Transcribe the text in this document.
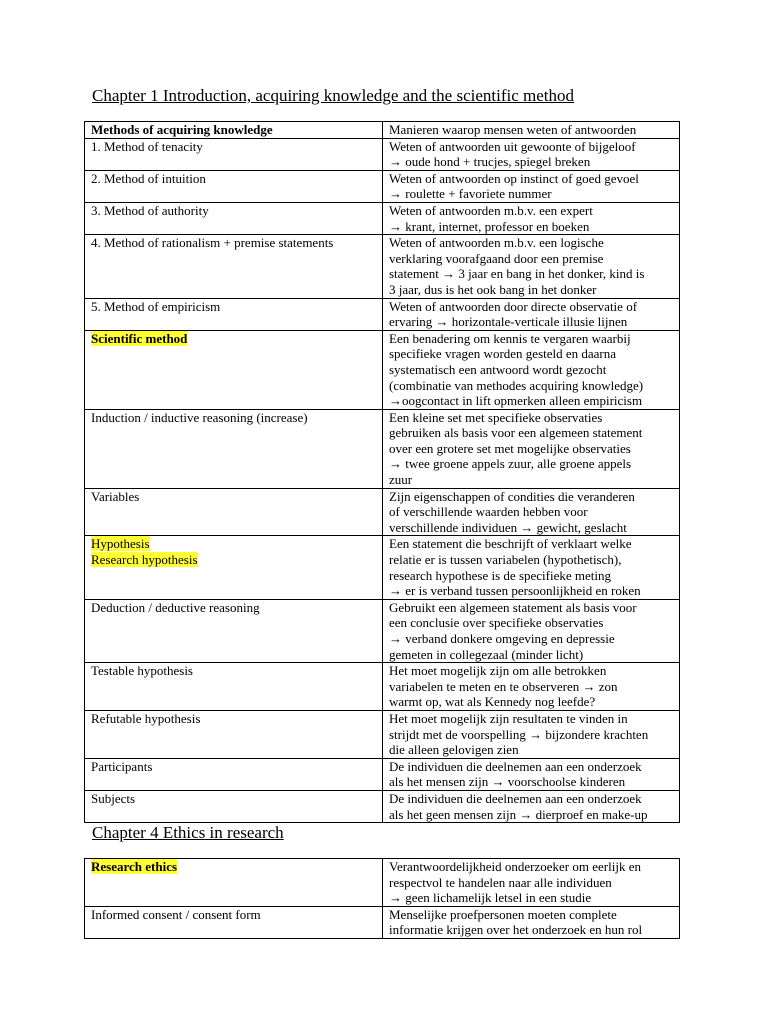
Chapter 1 Introduction, acquiring knowledge and the scientific method
Methods of acquiring knowledge	Manieren waarop mensen weten of antwoorden

1. Method of tenacity	Weten of antwoorden uit gewoonte of bijgeloof
→ oude hond + trucjes, spiegel breken

2. Method of intuition	Weten of antwoorden op instinct of goed gevoel
→ roulette + favoriete nummer

3. Method of authority	Weten of antwoorden m.b.v. een expert
→ krant, internet, professor en boeken

4. Method of rationalism + premise statements	Weten of antwoorden m.b.v. een logische
verklaring voorafgaand door een premise
statement → 3 jaar en bang in het donker, kind is
3 jaar, dus is het ook bang in het donker

5. Method of empiricism	Weten of antwoorden door directe observatie of
ervaring → horizontale-verticale illusie lijnen

Scientific method	Een benadering om kennis te vergaren waarbij
specifieke vragen worden gesteld en daarna
systematisch een antwoord wordt gezocht
(combinatie van methodes acquiring knowledge)
→oogcontact in lift opmerken alleen empiricism

Induction / inductive reasoning (increase)	Een kleine set met specifieke observaties
gebruiken als basis voor een algemeen statement
over een grotere set met mogelijke observaties
→ twee groene appels zuur, alle groene appels
zuur

Variables	Zijn eigenschappen of condities die veranderen
of verschillende waarden hebben voor
verschillende individuen → gewicht, geslacht

Hypothesis
Research hypothesis	Een statement die beschrijft of verklaart welke
relatie er is tussen variabelen (hypothetisch),
research hypothese is de specifieke meting
→ er is verband tussen persoonlijkheid en roken

Deduction / deductive reasoning	Gebruikt een algemeen statement als basis voor
een conclusie over specifieke observaties
→ verband donkere omgeving en depressie
gemeten in collegezaal (minder licht)

Testable hypothesis	Het moet mogelijk zijn om alle betrokken
variabelen te meten en te observeren → zon
warmt op, wat als Kennedy nog leefde?

Refutable hypothesis	Het moet mogelijk zijn resultaten te vinden in
strijdt met de voorspelling → bijzondere krachten
die alleen gelovigen zien

Participants	De individuen die deelnemen aan een onderzoek
als het mensen zijn → voorschoolse kinderen

Subjects	De individuen die deelnemen aan een onderzoek
als het geen mensen zijn → dierproef en make-up
Chapter 4 Ethics in research
Research ethics	Verantwoordelijkheid onderzoeker om eerlijk en
respectvol te handelen naar alle individuen
→ geen lichamelijk letsel in een studie

Informed consent / consent form	Menselijke proefpersonen moeten complete
informatie krijgen over het onderzoek en hun rol
